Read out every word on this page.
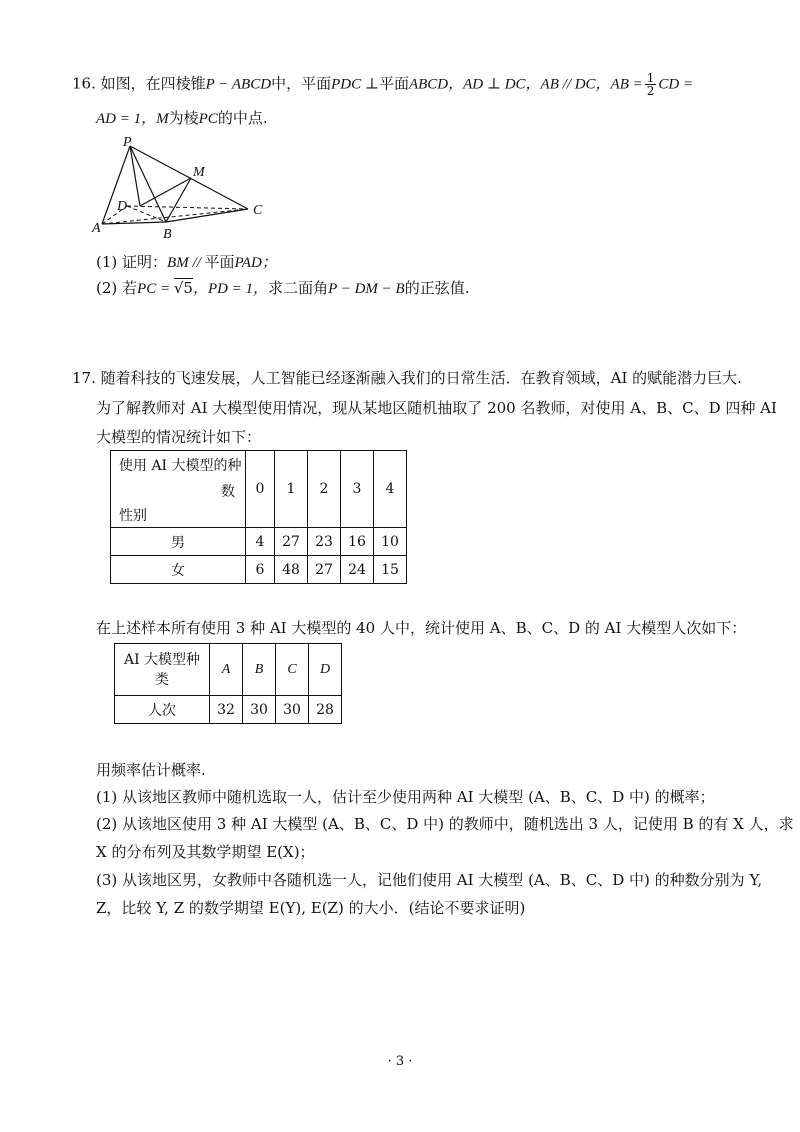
16. 如图，在四棱锥P − ABCD中，平面PDC ⊥平面ABCD，AD ⊥ DC，AB // DC，AB = $\frac{1}{2}$ CD =
AD = 1，M为棱PC的中点.
P
M
D	C
A	B
(1) 证明：BM // 平面PAD；
(2) 若PC = √5，PD = 1，求二面角P − DM − B的正弦值.
17. 随着科技的飞速发展，人工智能已经逐渐融入我们的日常生活．在教育领域，AI 的赋能潜力巨大.
为了解教师对 AI 大模型使用情况，现从某地区随机抽取了 200 名教师，对使用 A、B、C、D 四种 AI
大模型的情况统计如下：
使用 AI 大模型的种
数
性别	0	1	2	3	4
男	4	27	23	16	10
女	6	48	27	24	15
在上述样本所有使用 3 种 AI 大模型的 40 人中，统计使用 A、B、C、D 的 AI 大模型人次如下：
AI 大模型种
类	A	B	C	D
人次	32	30	30	28
用频率估计概率.
(1) 从该地区教师中随机选取一人，估计至少使用两种 AI 大模型 (A、B、C、D 中) 的概率；
(2) 从该地区使用 3 种 AI 大模型 (A、B、C、D 中) 的教师中，随机选出 3 人，记使用 B 的有 X 人，求
X 的分布列及其数学期望 E(X)；
(3) 从该地区男，女教师中各随机选一人，记他们使用 AI 大模型 (A、B、C、D 中) 的种数分别为 Y,
Z，比较 Y, Z 的数学期望 E(Y), E(Z) 的大小．(结论不要求证明)
· 3 ·
